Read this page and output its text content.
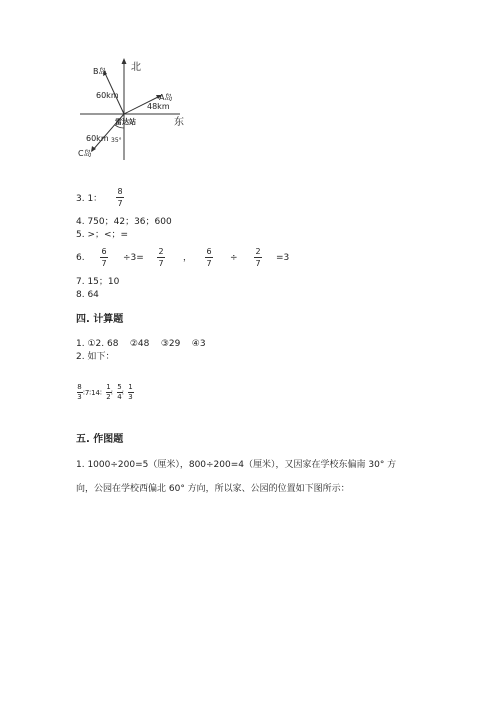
北
东
B岛
60km	A岛
48km
雷达站
60km 35°
C岛
3. 1：
8
7
4. 750；42；36；600
5. >；<；=
6.
6
7
÷3=
2
7
，
6
7
÷
2
7
=3
7. 15；10
8. 64
四. 计算题
1. ①2. 68    ②48    ③29    ④3
2. 如下：
8
3 ∶7∶14∶
1
2 ∶
5
4 ∶
1
3
五. 作图题
1. 1000÷200=5（厘米），800÷200=4（厘米），又因家在学校东偏南 30° 方
向，公园在学校西偏北 60° 方向，所以家、公园的位置如下图所示：
